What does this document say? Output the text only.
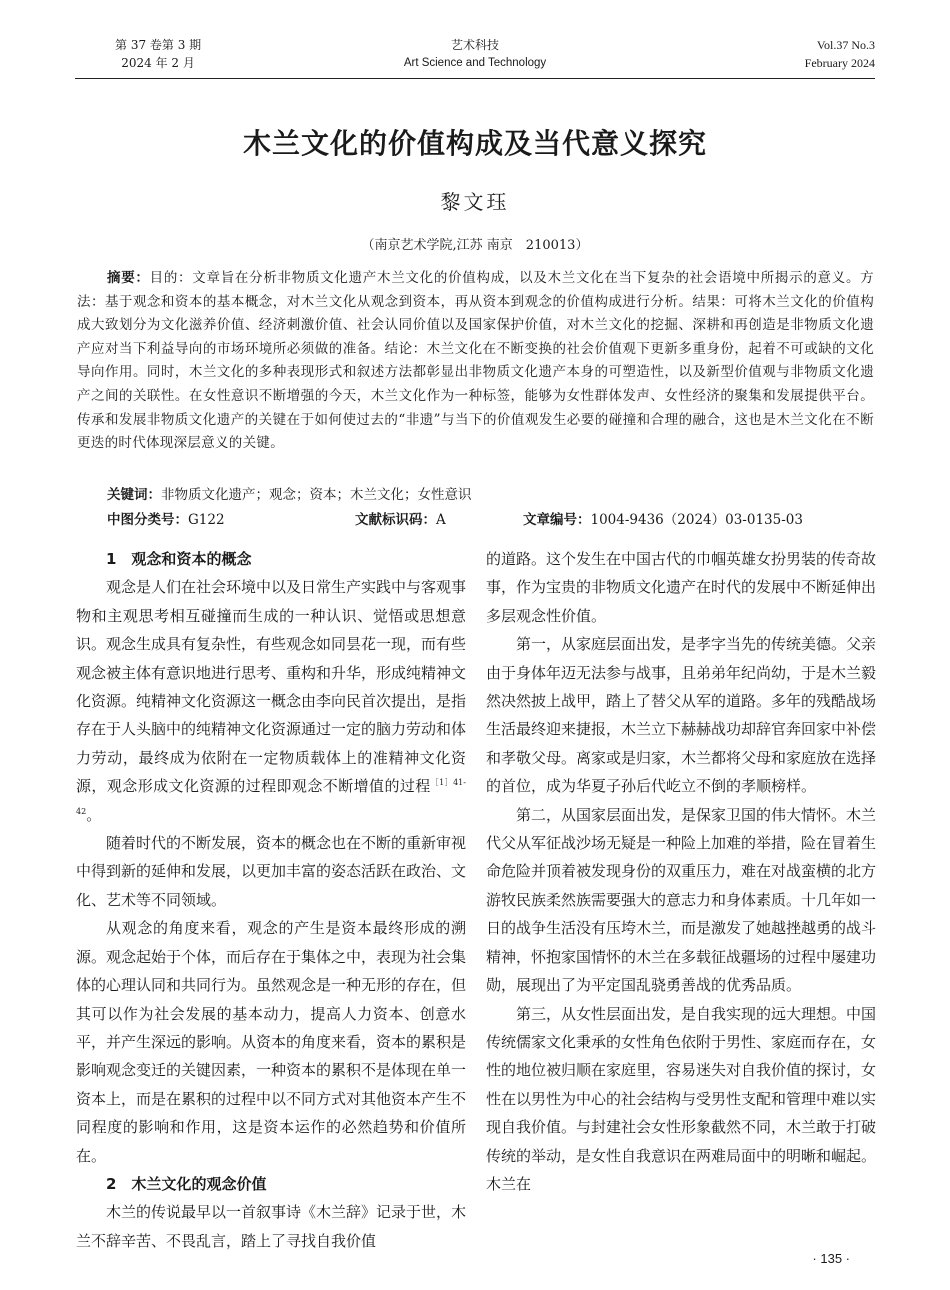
第 37 卷第 3 期
2024 年 2 月
艺术科技
Art Science and Technology
Vol.37 No.3
February 2024
木兰文化的价值构成及当代意义探究
黎文珏
（南京艺术学院,江苏 南京　210013）
摘要：目的：文章旨在分析非物质文化遗产木兰文化的价值构成，以及木兰文化在当下复杂的社会语境中所揭示的意义。方法：基于观念和资本的基本概念，对木兰文化从观念到资本，再从资本到观念的价值构成进行分析。结果：可将木兰文化的价值构成大致划分为文化滋养价值、经济刺激价值、社会认同价值以及国家保护价值，对木兰文化的挖掘、深耕和再创造是非物质文化遗产应对当下利益导向的市场环境所必须做的准备。结论：木兰文化在不断变换的社会价值观下更新多重身份，起着不可或缺的文化导向作用。同时，木兰文化的多种表现形式和叙述方法都彰显出非物质文化遗产本身的可塑造性，以及新型价值观与非物质文化遗产之间的关联性。在女性意识不断增强的今天，木兰文化作为一种标签，能够为女性群体发声、女性经济的聚集和发展提供平台。传承和发展非物质文化遗产的关键在于如何使过去的“非遗”与当下的价值观发生必要的碰撞和合理的融合，这也是木兰文化在不断更迭的时代体现深层意义的关键。
关键词：非物质文化遗产；观念；资本；木兰文化；女性意识
中图分类号：G122	文献标识码：A	文章编号：1004-9436（2024）03-0135-03
1　观念和资本的概念

观念是人们在社会环境中以及日常生产实践中与客观事物和主观思考相互碰撞而生成的一种认识、觉悟或思想意识。观念生成具有复杂性，有些观念如同昙花一现，而有些观念被主体有意识地进行思考、重构和升华，形成纯精神文化资源。纯精神文化资源这一概念由李向民首次提出，是指存在于人头脑中的纯精神文化资源通过一定的脑力劳动和体力劳动，最终成为依附在一定物质载体上的准精神文化资源，观念形成文化资源的过程即观念不断增值的过程$^{[1]41-42}$。

随着时代的不断发展，资本的概念也在不断的重新审视中得到新的延伸和发展，以更加丰富的姿态活跃在政治、文化、艺术等不同领域。

从观念的角度来看，观念的产生是资本最终形成的溯源。观念起始于个体，而后存在于集体之中，表现为社会集体的心理认同和共同行为。虽然观念是一种无形的存在，但其可以作为社会发展的基本动力，提高人力资本、创意水平，并产生深远的影响。从资本的角度来看，资本的累积是影响观念变迁的关键因素，一种资本的累积不是体现在单一资本上，而是在累积的过程中以不同方式对其他资本产生不同程度的影响和作用，这是资本运作的必然趋势和价值所在。

2　木兰文化的观念价值

木兰的传说最早以一首叙事诗《木兰辞》记录于世，木兰不辞辛苦、不畏乱言，踏上了寻找自我价值

的道路。这个发生在中国古代的巾帼英雄女扮男装的传奇故事，作为宝贵的非物质文化遗产在时代的发展中不断延伸出多层观念性价值。

第一，从家庭层面出发，是孝字当先的传统美德。父亲由于身体年迈无法参与战事，且弟弟年纪尚幼，于是木兰毅然决然披上战甲，踏上了替父从军的道路。多年的残酷战场生活最终迎来捷报，木兰立下赫赫战功却辞官奔回家中补偿和孝敬父母。离家或是归家，木兰都将父母和家庭放在选择的首位，成为华夏子孙后代屹立不倒的孝顺榜样。

第二，从国家层面出发，是保家卫国的伟大情怀。木兰代父从军征战沙场无疑是一种险上加难的举措，险在冒着生命危险并顶着被发现身份的双重压力，难在对战蛮横的北方游牧民族柔然族需要强大的意志力和身体素质。十几年如一日的战争生活没有压垮木兰，而是激发了她越挫越勇的战斗精神，怀抱家国情怀的木兰在多载征战疆场的过程中屡建功勋，展现出了为平定国乱骁勇善战的优秀品质。

第三，从女性层面出发，是自我实现的远大理想。中国传统儒家文化秉承的女性角色依附于男性、家庭而存在，女性的地位被归顺在家庭里，容易迷失对自我价值的探讨，女性在以男性为中心的社会结构与受男性支配和管理中难以实现自我价值。与封建社会女性形象截然不同，木兰敢于打破传统的举动，是女性自我意识在两难局面中的明晰和崛起。木兰在

· 135 ·
